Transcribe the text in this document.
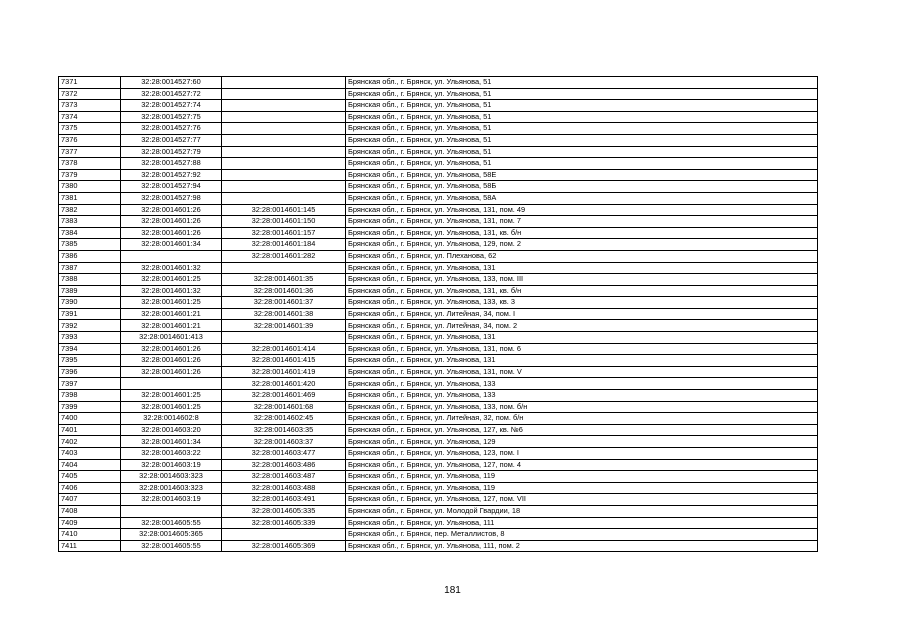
7371	32:28:0014527:60		Брянская обл., г. Брянск, ул. Ульянова, 51
7372	32:28:0014527:72		Брянская обл., г. Брянск, ул. Ульянова, 51
7373	32:28:0014527:74		Брянская обл., г. Брянск, ул. Ульянова, 51
7374	32:28:0014527:75		Брянская обл., г. Брянск, ул. Ульянова, 51
7375	32:28:0014527:76		Брянская обл., г. Брянск, ул. Ульянова, 51
7376	32:28:0014527:77		Брянская обл., г. Брянск, ул. Ульянова, 51
7377	32:28:0014527:79		Брянская обл., г. Брянск, ул. Ульянова, 51
7378	32:28:0014527:88		Брянская обл., г. Брянск, ул. Ульянова, 51
7379	32:28:0014527:92		Брянская обл., г. Брянск, ул. Ульянова, 58Е
7380	32:28:0014527:94		Брянская обл., г. Брянск, ул. Ульянова, 58Б
7381	32:28:0014527:98		Брянская обл., г. Брянск, ул. Ульянова, 58А
7382	32:28:0014601:26	32:28:0014601:145	Брянская обл., г. Брянск, ул. Ульянова, 131, пом. 49
7383	32:28:0014601:26	32:28:0014601:150	Брянская обл., г. Брянск, ул. Ульянова, 131, пом. 7
7384	32:28:0014601:26	32:28:0014601:157	Брянская обл., г. Брянск, ул. Ульянова, 131, кв. б/н
7385	32:28:0014601:34	32:28:0014601:184	Брянская обл., г. Брянск, ул. Ульянова, 129, пом. 2
7386		32:28:0014601:282	Брянская обл., г. Брянск, ул. Плеханова, 62
7387	32:28:0014601:32		Брянская обл., г. Брянск, ул. Ульянова, 131
7388	32:28:0014601:25	32:28:0014601:35	Брянская обл., г. Брянск, ул. Ульянова, 133, пом. III
7389	32:28:0014601:32	32:28:0014601:36	Брянская обл., г. Брянск, ул. Ульянова, 131, кв. б/н
7390	32:28:0014601:25	32:28:0014601:37	Брянская обл., г. Брянск, ул. Ульянова, 133, кв. 3
7391	32:28:0014601:21	32:28:0014601:38	Брянская обл., г. Брянск, ул. Литейная, 34, пом. I
7392	32:28:0014601:21	32:28:0014601:39	Брянская обл., г. Брянск, ул. Литейная, 34, пом. 2
7393	32:28:0014601:413		Брянская обл., г. Брянск, ул. Ульянова, 131
7394	32:28:0014601:26	32:28:0014601:414	Брянская обл., г. Брянск, ул. Ульянова, 131, пом. 6
7395	32:28:0014601:26	32:28:0014601:415	Брянская обл., г. Брянск, ул. Ульянова, 131
7396	32:28:0014601:26	32:28:0014601:419	Брянская обл., г. Брянск, ул. Ульянова, 131, пом. V
7397		32:28:0014601:420	Брянская обл., г. Брянск, ул. Ульянова, 133
7398	32:28:0014601:25	32:28:0014601:469	Брянская обл., г. Брянск, ул. Ульянова, 133
7399	32:28:0014601:25	32:28:0014601:68	Брянская обл., г. Брянск, ул. Ульянова, 133, пом. б/н
7400	32:28:0014602:8	32:28:0014602:45	Брянская обл., г. Брянск, ул. Литейная, 32, пом. б/н
7401	32:28:0014603:20	32:28:0014603:35	Брянская обл., г. Брянск, ул. Ульянова, 127, кв. №6
7402	32:28:0014601:34	32:28:0014603:37	Брянская обл., г. Брянск, ул. Ульянова, 129
7403	32:28:0014603:22	32:28:0014603:477	Брянская обл., г. Брянск, ул. Ульянова, 123, пом. I
7404	32:28:0014603:19	32:28:0014603:486	Брянская обл., г. Брянск, ул. Ульянова, 127, пом. 4
7405	32:28:0014603:323	32:28:0014603:487	Брянская обл., г. Брянск, ул. Ульянова, 119
7406	32:28:0014603:323	32:28:0014603:488	Брянская обл., г. Брянск, ул. Ульянова, 119
7407	32:28:0014603:19	32:28:0014603:491	Брянская обл., г. Брянск, ул. Ульянова, 127, пом. VII
7408		32:28:0014605:335	Брянская обл., г. Брянск, ул. Молодой Гвардии, 18
7409	32:28:0014605:55	32:28:0014605:339	Брянская обл., г. Брянск, ул. Ульянова, 111
7410	32:28:0014605:365		Брянская обл., г. Брянск, пер. Металлистов, 8
7411	32:28:0014605:55	32:28:0014605:369	Брянская обл., г. Брянск, ул. Ульянова, 111, пом. 2
181
